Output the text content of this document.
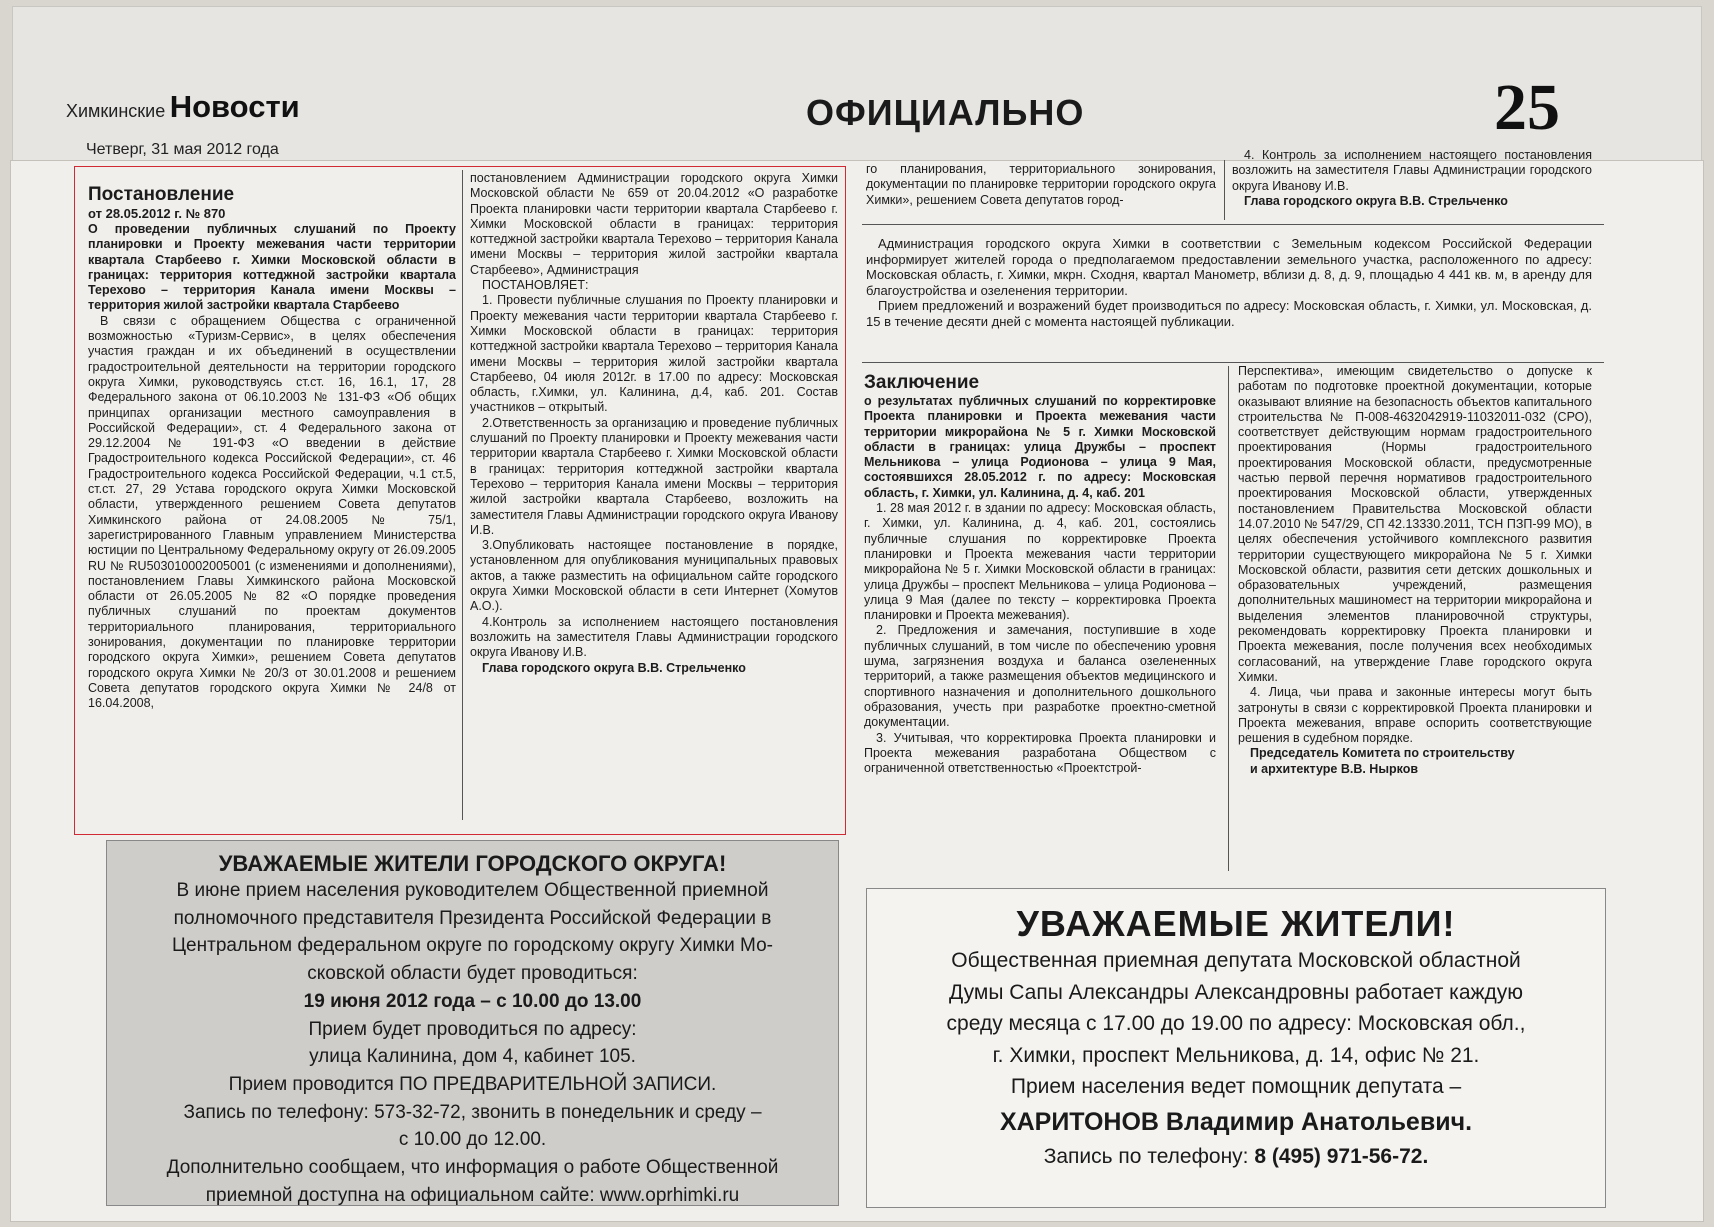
Химкинские Новости
Четверг, 31 мая 2012 года
ОФИЦИАЛЬНО	25

Постановление

от 28.05.2012 г. № 870

О проведении публичных слушаний по Проекту планировки и Проекту межевания части территории квартала Старбеево г. Химки Московской области в границах: территория коттеджной застройки квартала Терехово – территория Канала имени Москвы – территория жилой застройки квартала Старбеево

В связи с обращением Общества с ограниченной возможностью «Туризм-Сервис», в целях обеспечения участия граждан и их объединений в осуществлении градостроительной деятельности на территории городского округа Химки, руководствуясь ст.ст. 16, 16.1, 17, 28 Федерального закона от 06.10.2003 № 131-ФЗ «Об общих принципах организации местного самоуправления в Российской Федерации», ст. 4 Федерального закона от 29.12.2004 № 191-ФЗ «О введении в действие Градостроительного кодекса Российской Федерации», ст. 46 Градостроительного кодекса Российской Федерации, ч.1 ст.5, ст.ст. 27, 29 Устава городского округа Химки Московской области, утвержденного решением Совета депутатов Химкинского района от 24.08.2005 № 75/1, зарегистрированного Главным управлением Министерства юстиции по Центральному Федеральному округу от 26.09.2005 RU № RU503010002005001 (с изменениями и дополнениями), постановлением Главы Химкинского района Московской области от 26.05.2005 № 82 «О порядке проведения публичных слушаний по проектам документов территориального планирования, территориального зонирования, документации по планировке территории городского округа Химки», решением Совета депутатов городского округа Химки № 20/3 от 30.01.2008 и решением Совета депутатов городского округа Химки № 24/8 от 16.04.2008,

постановлением Администрации городского округа Химки Московской области № 659 от 20.04.2012 «О разработке Проекта планировки части территории квартала Старбеево г. Химки Московской области в границах: территория коттеджной застройки квартала Терехово – территория Канала имени Москвы – территория жилой застройки квартала Старбеево», Администрация

ПОСТАНОВЛЯЕТ:

1. Провести публичные слушания по Проекту планировки и Проекту межевания части территории квартала Старбеево г. Химки Московской области в границах: территория коттеджной застройки квартала Терехово – территория Канала имени Москвы – территория жилой застройки квартала Старбеево, 04 июля 2012г. в 17.00 по адресу: Московская область, г.Химки, ул. Калинина, д.4, каб. 201. Состав участников – открытый.

2.Ответственность за организацию и проведение публичных слушаний по Проекту планировки и Проекту межевания части территории квартала Старбеево г. Химки Московской области в границах: территория коттеджной застройки квартала Терехово – территория Канала имени Москвы – территория жилой застройки квартала Старбеево, возложить на заместителя Главы Администрации городского округа Иванову И.В.

3.Опубликовать настоящее постановление в порядке, установленном для опубликования муниципальных правовых актов, а также разместить на официальном сайте городского округа Химки Московской области в сети Интернет (Хомутов А.О.).

4.Контроль за исполнением настоящего постановления возложить на заместителя Главы Администрации городского округа Иванову И.В.

Глава городского округа В.В. Стрельченко

го планирования, территориального зонирования, документации по планировке территории городского округа Химки», решением Совета депутатов город-

4. Контроль за исполнением настоящего постановления возложить на заместителя Главы Администрации городского округа Иванову И.В.

Глава городского округа В.В. Стрельченко

Администрация городского округа Химки в соответствии с Земельным кодексом Российской Федерации информирует жителей города о предполагаемом предоставлении земельного участка, расположенного по адресу: Московская область, г. Химки, мкрн. Сходня, квартал Манометр, вблизи д. 8, д. 9, площадью 4 441 кв. м, в аренду для благоустройства и озеленения территории.

Прием предложений и возражений будет производиться по адресу: Московская область, г. Химки, ул. Московская, д. 15 в течение десяти дней с момента настоящей публикации.

Заключение

о результатах публичных слушаний по корректировке Проекта планировки и Проекта межевания части территории микрорайона № 5 г. Химки Московской области в границах: улица Дружбы – проспект Мельникова – улица Родионова – улица 9 Мая, состоявшихся 28.05.2012 г. по адресу: Московская область, г. Химки, ул. Калинина, д. 4, каб. 201

1. 28 мая 2012 г. в здании по адресу: Московская область, г. Химки, ул. Калинина, д. 4, каб. 201, состоялись публичные слушания по корректировке Проекта планировки и Проекта межевания части территории микрорайона № 5 г. Химки Московской области в границах: улица Дружбы – проспект Мельникова – улица Родионова – улица 9 Мая (далее по тексту – корректировка Проекта планировки и Проекта межевания).

2. Предложения и замечания, поступившие в ходе публичных слушаний, в том числе по обеспечению уровня шума, загрязнения воздуха и баланса озелененных территорий, а также размещения объектов медицинского и спортивного назначения и дополнительного дошкольного образования, учесть при разработке проектно-сметной документации.

3. Учитывая, что корректировка Проекта планировки и Проекта межевания разработана Обществом с ограниченной ответственностью «Проектстрой-

Перспектива», имеющим свидетельство о допуске к работам по подготовке проектной документации, которые оказывают влияние на безопасность объектов капитального строительства № П-008-4632042919-11032011-032 (СРО), соответствует действующим нормам градостроительного проектирования (Нормы градостроительного проектирования Московской области, предусмотренные частью первой перечня нормативов градостроительного проектирования Московской области, утвержденных постановлением Правительства Московской области 14.07.2010 № 547/29, СП 42.13330.2011, ТСН ПЗП-99 МО), в целях обеспечения устойчивого комплексного развития территории существующего микрорайона № 5 г. Химки Московской области, развития сети детских дошкольных и образовательных учреждений, размещения дополнительных машиномест на территории микрорайона и выделения элементов планировочной структуры, рекомендовать корректировку Проекта планировки и Проекта межевания, после получения всех необходимых согласований, на утверждение Главе городского округа Химки.

4. Лица, чьи права и законные интересы могут быть затронуты в связи с корректировкой Проекта планировки и Проекта межевания, вправе оспорить соответствующие решения в судебном порядке.

Председатель Комитета по строительству

и архитектуре В.В. Нырков

УВАЖАЕМЫЕ ЖИТЕЛИ ГОРОДСКОГО ОКРУГА!
В июне прием населения руководителем Общественной приемной
полномочного представителя Президента Российской Федерации в
Центральном федеральном округе по городскому округу Химки Мо-
сковской области будет проводиться:
19 июня 2012 года – с 10.00 до 13.00
Прием будет проводиться по адресу:
улица Калинина, дом 4, кабинет 105.
Прием проводится ПО ПРЕДВАРИТЕЛЬНОЙ ЗАПИСИ.
Запись по телефону: 573-32-72, звонить в понедельник и среду –
с 10.00 до 12.00.
Дополнительно сообщаем, что информация о работе Общественной
приемной доступна на официальном сайте: www.oprhimki.ru
УВАЖАЕМЫЕ ЖИТЕЛИ!
Общественная приемная депутата Московской областной
Думы Сапы Александры Александровны работает каждую
среду месяца с 17.00 до 19.00 по адресу: Московская обл.,
г. Химки, проспект Мельникова, д. 14, офис № 21.
Прием населения ведет помощник депутата –
ХАРИТОНОВ Владимир Анатольевич.
Запись по телефону: 8 (495) 971-56-72.
